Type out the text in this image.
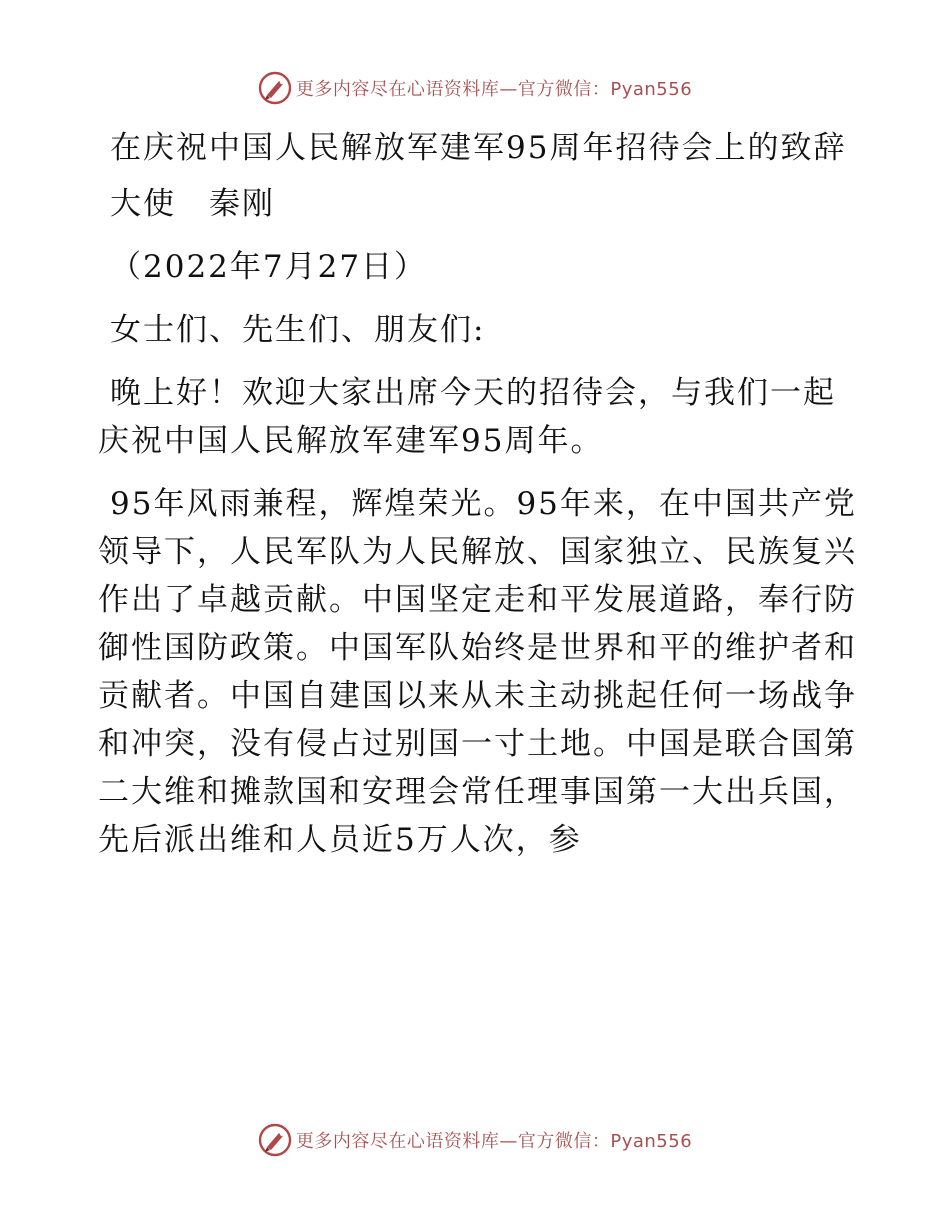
更多内容尽在心语资料库—官方微信：Pyan556
在庆祝中国人民解放军建军95周年招待会上的致辞
大使　秦刚
（2022年7月27日）
女士们、先生们、朋友们:
晚上好！欢迎大家出席今天的招待会，与我们一起庆祝中国人民解放军建军95周年。
95年风雨兼程，辉煌荣光。95年来，在中国共产党领导下，人民军队为人民解放、国家独立、民族复兴作出了卓越贡献。中国坚定走和平发展道路，奉行防御性国防政策。中国军队始终是世界和平的维护者和贡献者。中国自建国以来从未主动挑起任何一场战争和冲突，没有侵占过别国一寸土地。中国是联合国第二大维和摊款国和安理会常任理事国第一大出兵国，先后派出维和人员近5万人次，参
更多内容尽在心语资料库—官方微信：Pyan556
